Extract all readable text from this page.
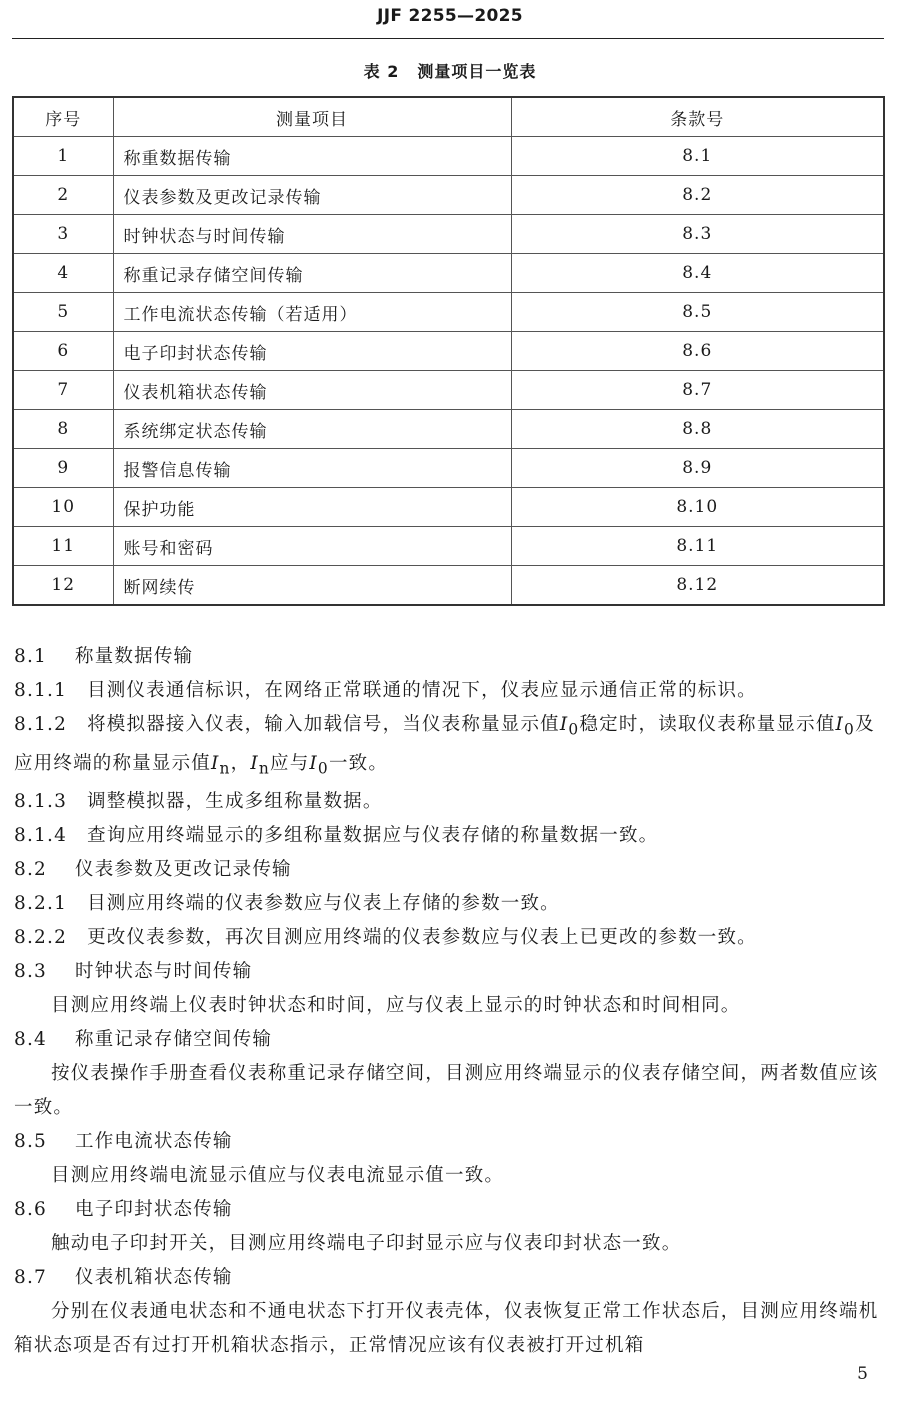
JJF 2255—2025
表 2 测量项目一览表
序号	测量项目	条款号
1	称重数据传输	8.1
2	仪表参数及更改记录传输	8.2
3	时钟状态与时间传输	8.3
4	称重记录存储空间传输	8.4
5	工作电流状态传输（若适用）	8.5
6	电子印封状态传输	8.6
7	仪表机箱状态传输	8.7
8	系统绑定状态传输	8.8
9	报警信息传输	8.9
10	保护功能	8.10
11	账号和密码	8.11
12	断网续传	8.12

8.1 称量数据传输

8.1.1 目测仪表通信标识，在网络正常联通的情况下，仪表应显示通信正常的标识。

8.1.2 将模拟器接入仪表，输入加载信号，当仪表称量显示值$I_0$稳定时，读取仪表称量显示值$I_0$及应用终端的称量显示值$I_n$，$I_n$应与$I_0$一致。

8.1.3 调整模拟器，生成多组称量数据。

8.1.4 查询应用终端显示的多组称量数据应与仪表存储的称量数据一致。

8.2 仪表参数及更改记录传输

8.2.1 目测应用终端的仪表参数应与仪表上存储的参数一致。

8.2.2 更改仪表参数，再次目测应用终端的仪表参数应与仪表上已更改的参数一致。

8.3 时钟状态与时间传输

目测应用终端上仪表时钟状态和时间，应与仪表上显示的时钟状态和时间相同。

8.4 称重记录存储空间传输

按仪表操作手册查看仪表称重记录存储空间，目测应用终端显示的仪表存储空间，两者数值应该一致。

8.5 工作电流状态传输

目测应用终端电流显示值应与仪表电流显示值一致。

8.6 电子印封状态传输

触动电子印封开关，目测应用终端电子印封显示应与仪表印封状态一致。

8.7 仪表机箱状态传输

分别在仪表通电状态和不通电状态下打开仪表壳体，仪表恢复正常工作状态后，目测应用终端机箱状态项是否有过打开机箱状态指示，正常情况应该有仪表被打开过机箱

5
